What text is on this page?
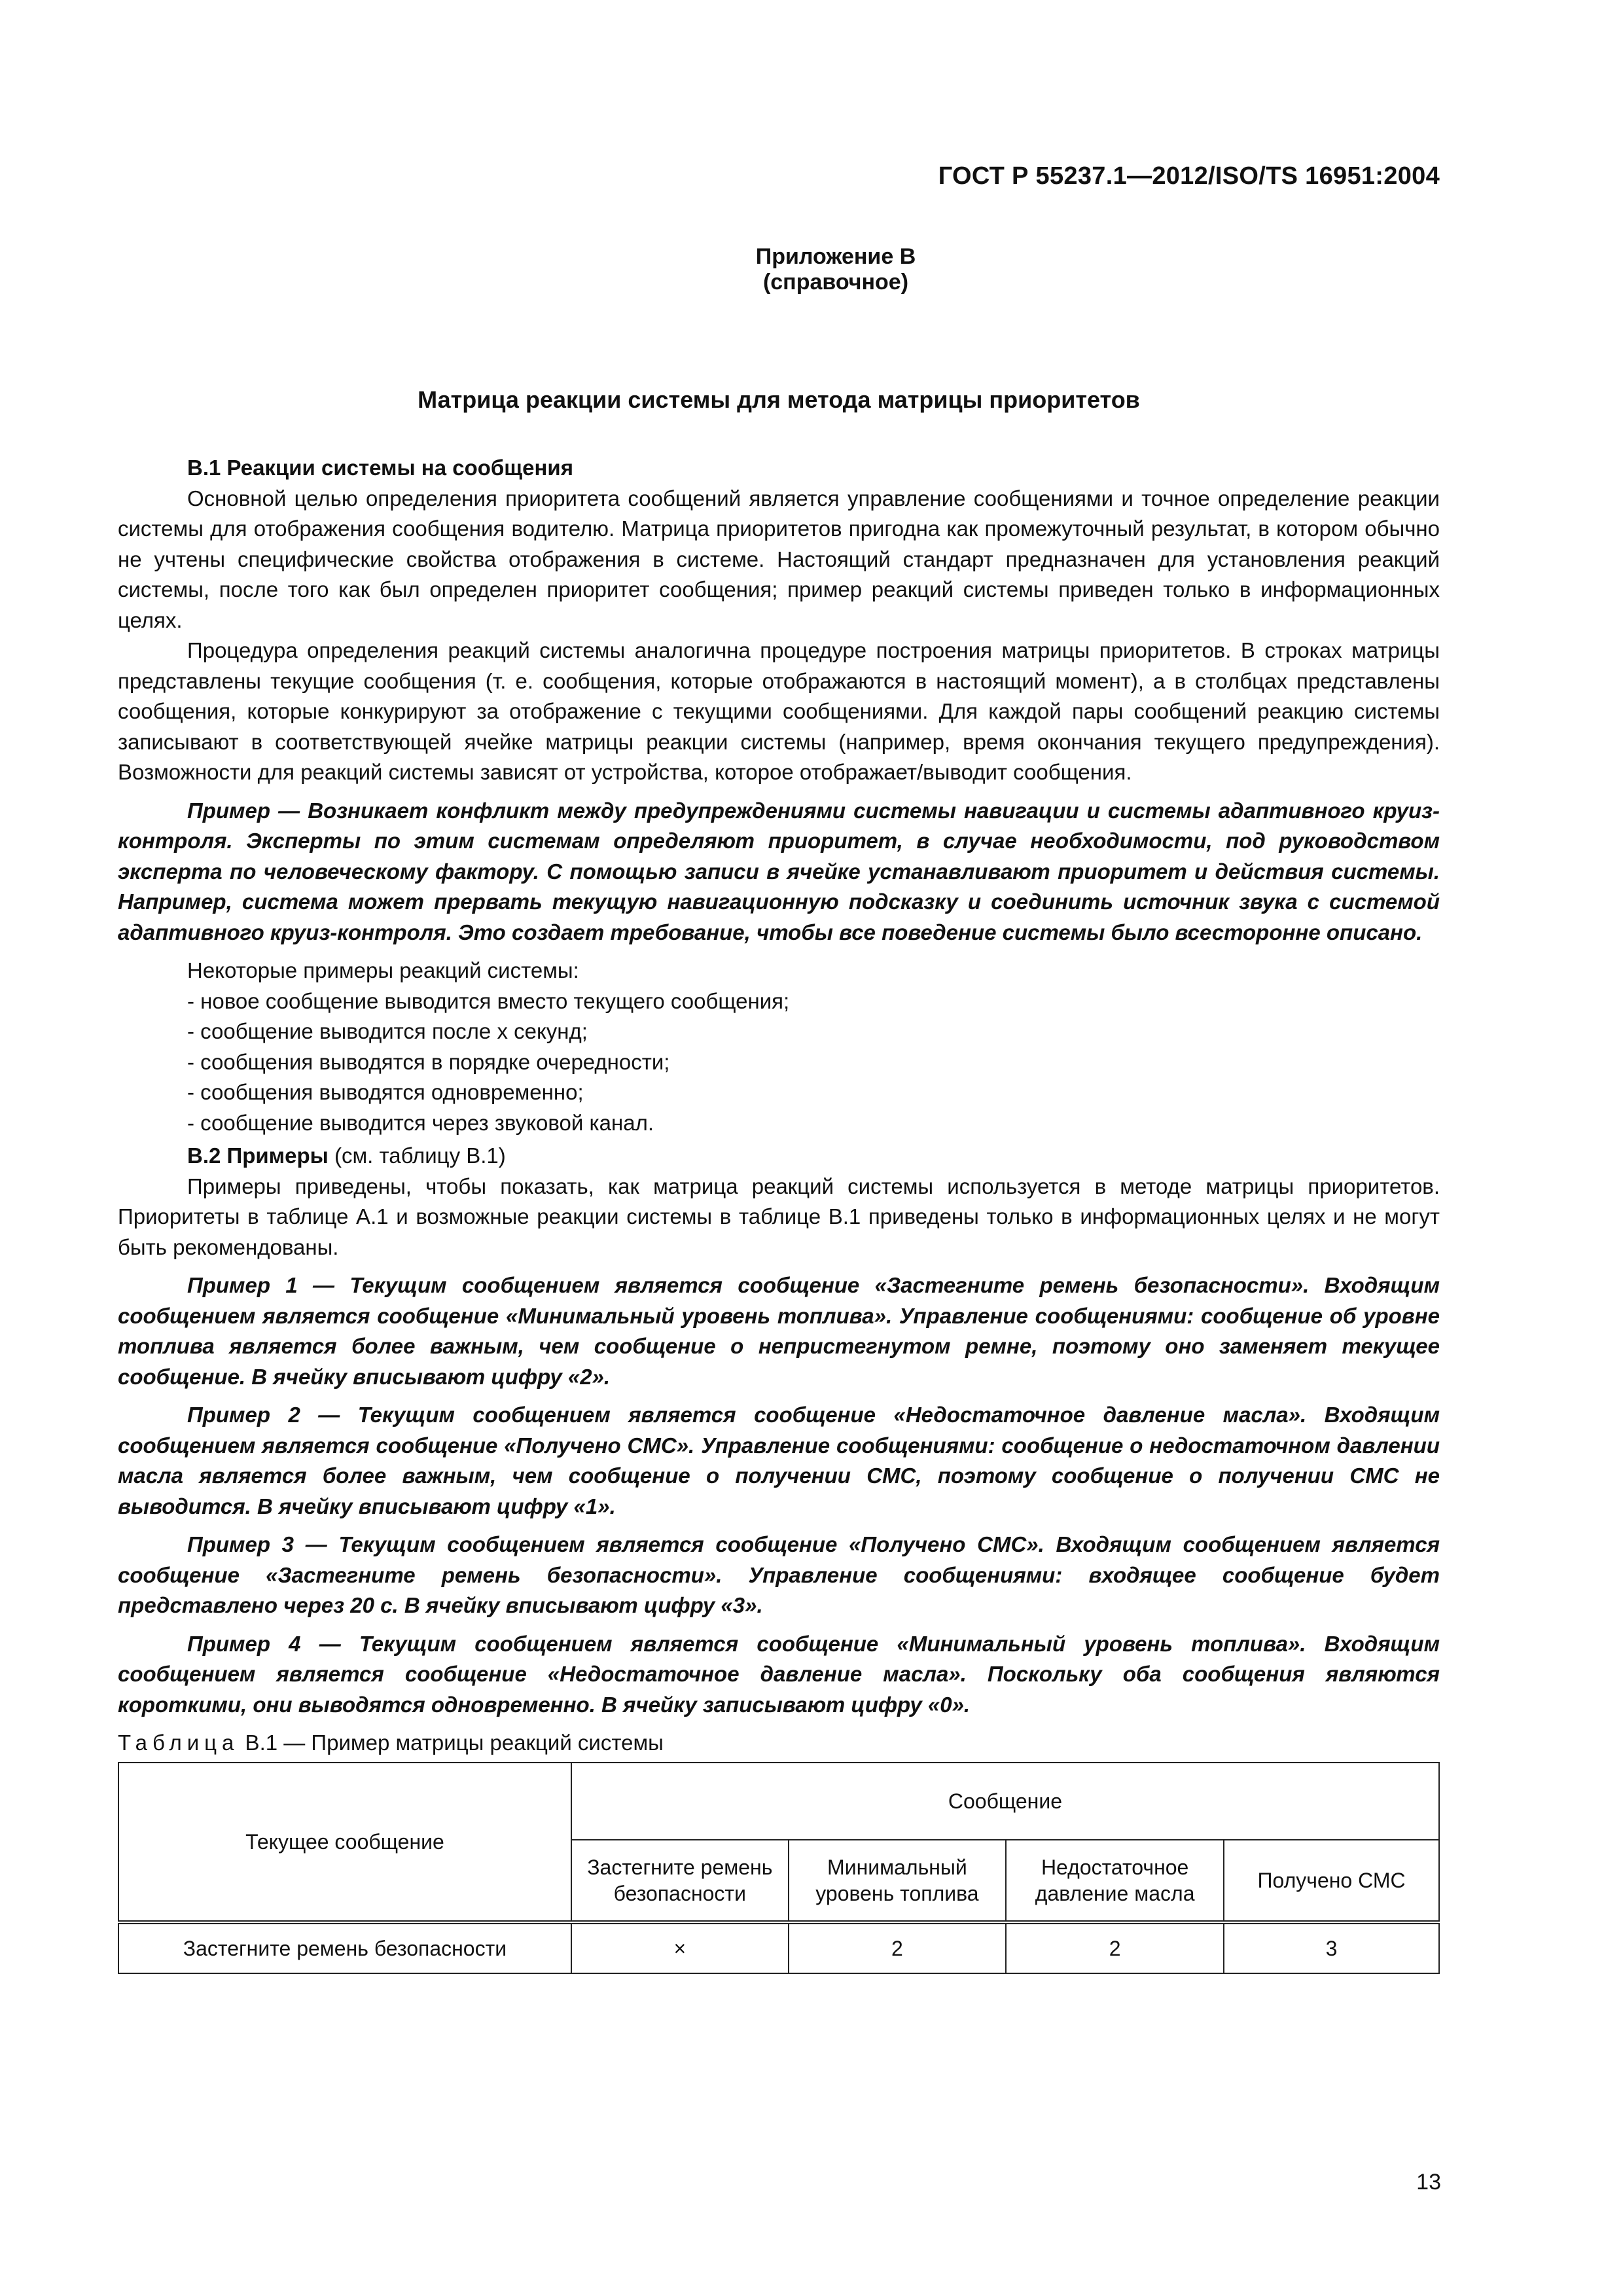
ГОСТ Р 55237.1—2012/ISO/TS 16951:2004
Приложение В
(справочное)
Матрица реакции системы для метода матрицы приоритетов

В.1 Реакции системы на сообщения

Основной целью определения приоритета сообщений является управление сообщениями и точное определение реакции системы для отображения сообщения водителю. Матрица приоритетов пригодна как промежуточный результат, в котором обычно не учтены специфические свойства отображения в системе. Настоящий стандарт предназначен для установления реакций системы, после того как был определен приоритет сообщения; пример реакций системы приведен только в информационных целях.

Процедура определения реакций системы аналогична процедуре построения матрицы приоритетов. В строках матрицы представлены текущие сообщения (т. е. сообщения, которые отображаются в настоящий момент), а в столбцах представлены сообщения, которые конкурируют за отображение с текущими сообщениями. Для каждой пары сообщений реакцию системы записывают в соответствующей ячейке матрицы реакции системы (например, время окончания текущего предупреждения). Возможности для реакций системы зависят от устройства, которое отображает/выводит сообщения.

Пример — Возникает конфликт между предупреждениями системы навигации и системы адаптивного круиз-контроля. Эксперты по этим системам определяют приоритет, в случае необходимости, под руководством эксперта по человеческому фактору. С помощью записи в ячейке устанавливают приоритет и действия системы. Например, система может прервать текущую навигационную подсказку и соединить источник звука с системой адаптивного круиз-контроля. Это создает требование, чтобы все поведение системы было всесторонне описано.

Некоторые примеры реакций системы:

- новое сообщение выводится вместо текущего сообщения;

- сообщение выводится после х секунд;

- сообщения выводятся в порядке очередности;

- сообщения выводятся одновременно;

- сообщение выводится через звуковой канал.

В.2 Примеры (см. таблицу В.1)

Примеры приведены, чтобы показать, как матрица реакций системы используется в методе матрицы приоритетов. Приоритеты в таблице А.1 и возможные реакции системы в таблице В.1 приведены только в информационных целях и не могут быть рекомендованы.

Пример 1 — Текущим сообщением является сообщение «Застегните ремень безопасности». Входящим сообщением является сообщение «Минимальный уровень топлива». Управление сообщениями: сообщение об уровне топлива является более важным, чем сообщение о непристегнутом ремне, поэтому оно заменяет текущее сообщение. В ячейку вписывают цифру «2».

Пример 2 — Текущим сообщением является сообщение «Недостаточное давление масла». Входящим сообщением является сообщение «Получено СМС». Управление сообщениями: сообщение о недостаточном давлении масла является более важным, чем сообщение о получении СМС, поэтому сообщение о получении СМС не выводится. В ячейку вписывают цифру «1».

Пример 3 — Текущим сообщением является сообщение «Получено СМС». Входящим сообщением является сообщение «Застегните ремень безопасности». Управление сообщениями: входящее сообщение будет представлено через 20 с. В ячейку вписывают цифру «3».

Пример 4 — Текущим сообщением является сообщение «Минимальный уровень топлива». Входящим сообщением является сообщение «Недостаточное давление масла». Поскольку оба сообщения являются короткими, они выводятся одновременно. В ячейку записывают цифру «0».

Таблица В.1 — Пример матрицы реакций системы
Текущее сообщение	Сообщение			
	Застегните ремень безопасности	Минимальный уровень топлива	Недостаточное давление масла	Получено СМС
Застегните ремень безопасности	×	2	2	3
13
